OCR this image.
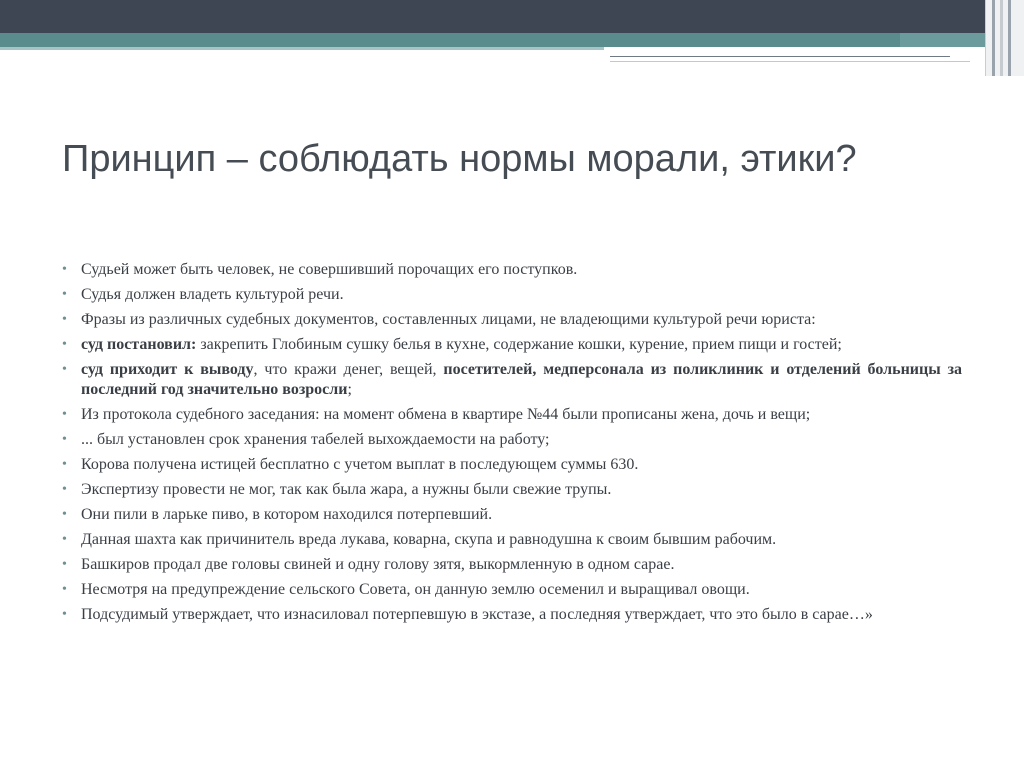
Принцип – соблюдать нормы морали, этики?
• Судьей может быть человек, не совершивший порочащих его поступков.
• Судья должен владеть культурой речи.
• Фразы из различных судебных документов, составленных лицами, не владеющими культурой речи юриста:
• суд постановил: закрепить Глобиным сушку белья в кухне, содержание кошки, курение, прием пищи и гостей;
• суд приходит к выводу, что кражи денег, вещей, посетителей, медперсонала из поликлиник и отделений больницы за последний год значительно возросли;
• Из протокола судебного заседания: на момент обмена в квартире №44 были прописаны жена, дочь и вещи;
• ... был установлен срок хранения табелей выхождаемости на работу;
• Корова получена истицей бесплатно с учетом выплат в последующем суммы 630.
• Экспертизу провести не мог, так как была жара, а нужны были свежие трупы.
• Они пили в ларьке пиво, в котором находился потерпевший.
• Данная шахта как причинитель вреда лукава, коварна, скупа и равнодушна к своим бывшим рабочим.
• Башкиров продал две головы свиней и одну голову зятя, выкормленную в одном сарае.
• Несмотря на предупреждение сельского Совета, он данную землю осеменил и выращивал овощи.
• Подсудимый утверждает, что изнасиловал потерпевшую в экстазе, а последняя утверждает, что это было в сарае…»
